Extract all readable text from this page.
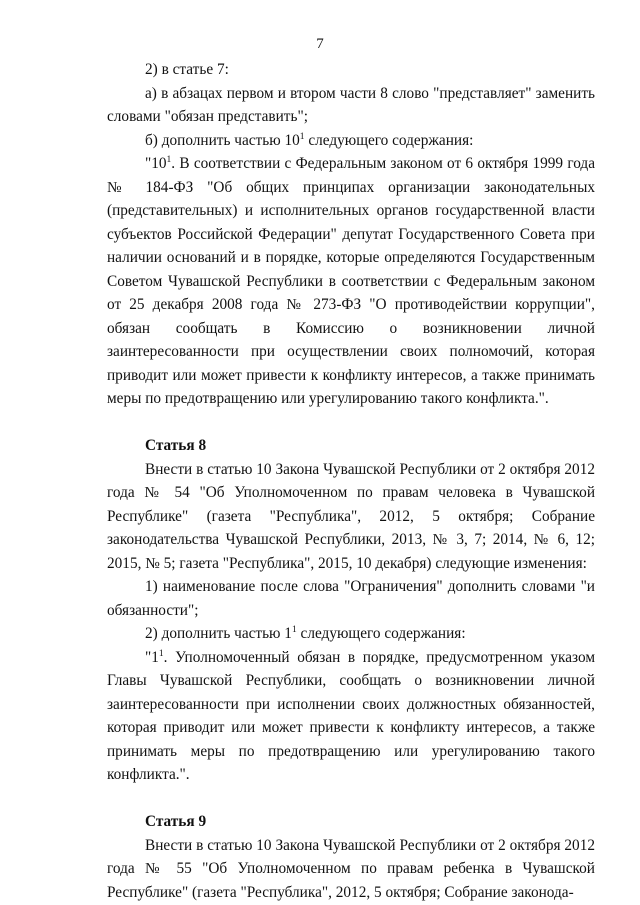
7

2) в статье 7:

а) в абзацах первом и втором части 8 слово "представляет" заменить словами "обязан представить";

б) дополнить частью $10^1$ следующего содержания:

"$10^1$. В соответствии с Федеральным законом от 6 октября 1999 года № 184-ФЗ "Об общих принципах организации законодательных (представительных) и исполнительных органов государственной власти субъектов Российской Федерации" депутат Государственного Совета при наличии оснований и в порядке, которые определяются Государственным Советом Чувашской Республики в соответствии с Федеральным законом от 25 декабря 2008 года № 273-ФЗ "О противодействии коррупции", обязан сообщать в Комиссию о возникновении личной заинтересованности при осуществлении своих полномочий, которая приводит или может привести к конфликту интересов, а также принимать меры по предотвращению или урегулированию такого конфликта.".

Статья 8

Внести в статью 10 Закона Чувашской Республики от 2 октября 2012 года № 54 "Об Уполномоченном по правам человека в Чувашской Республике" (газета "Республика", 2012, 5 октября; Собрание законодательства Чувашской Республики, 2013, № 3, 7; 2014, № 6, 12; 2015, № 5; газета "Республика", 2015, 10 декабря) следующие изменения:

1) наименование после слова "Ограничения" дополнить словами "и обязанности";

2) дополнить частью $1^1$ следующего содержания:

"$1^1$. Уполномоченный обязан в порядке, предусмотренном указом Главы Чувашской Республики, сообщать о возникновении личной заинтересованности при исполнении своих должностных обязанностей, которая приводит или может привести к конфликту интересов, а также принимать меры по предотвращению или урегулированию такого конфликта.".

Статья 9

Внести в статью 10 Закона Чувашской Республики от 2 октября 2012 года № 55 "Об Уполномоченном по правам ребенка в Чувашской Республике" (газета "Республика", 2012, 5 октября; Собрание законода-
